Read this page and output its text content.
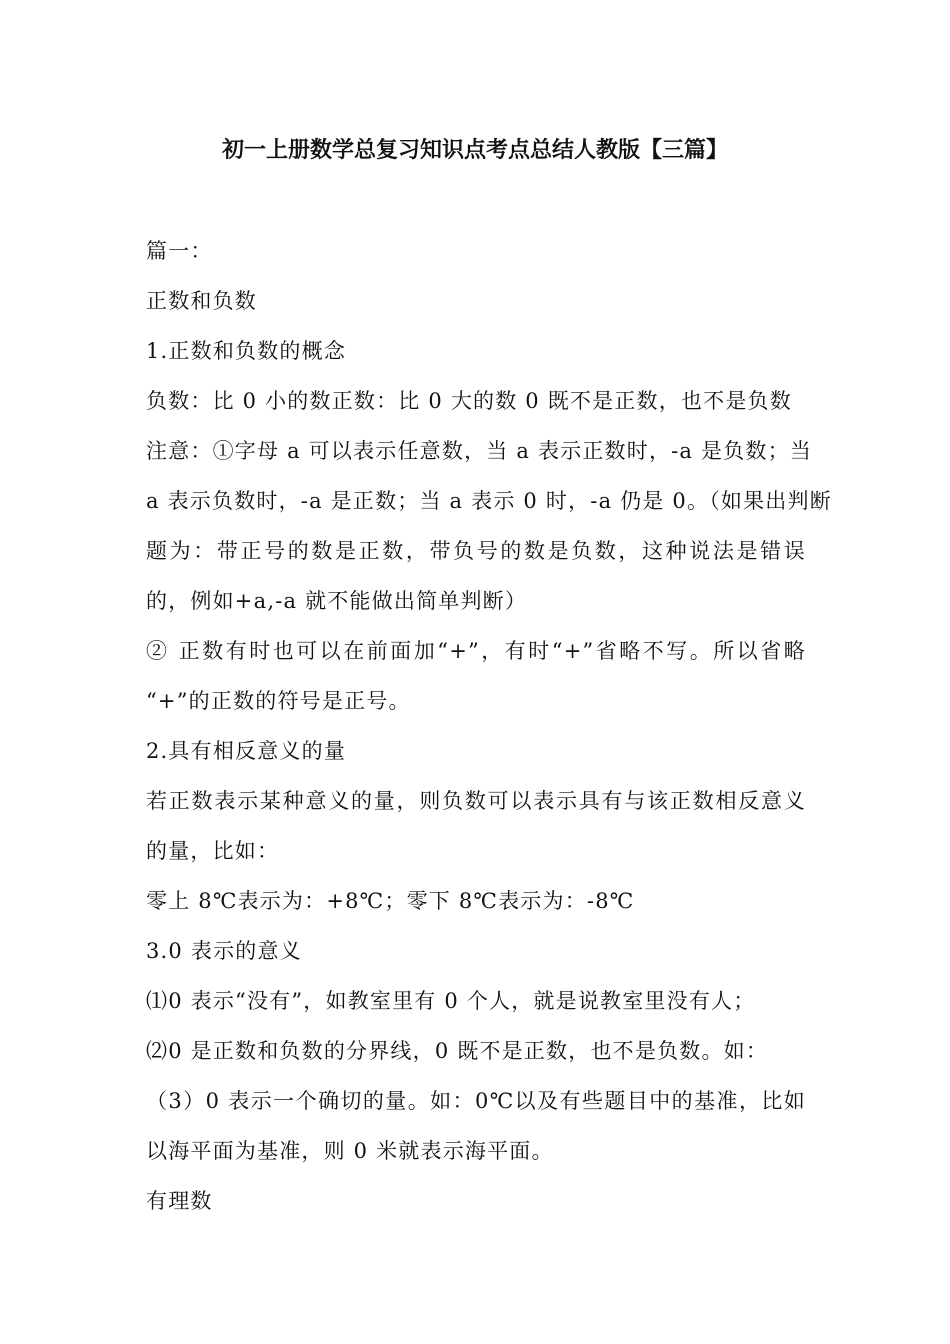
初一上册数学总复习知识点考点总结人教版【三篇】
篇一：
正数和负数
1.正数和负数的概念
负数：比 0 小的数正数：比 0 大的数 0 既不是正数，也不是负数
注意：①字母 a 可以表示任意数，当 a 表示正数时，-a 是负数；当
a 表示负数时，-a 是正数；当 a 表示 0 时，-a 仍是 0。（如果出判断
题为：带正号的数是正数，带负号的数是负数，这种说法是错误
的，例如+a,-a 就不能做出简单判断）
② 正数有时也可以在前面加“+”，有时“+”省略不写。所以省略
“+”的正数的符号是正号。
2.具有相反意义的量
若正数表示某种意义的量，则负数可以表示具有与该正数相反意义
的量，比如：
零上 8℃表示为：+8℃；零下 8℃表示为：-8℃
3.0 表示的意义
⑴0 表示“没有”，如教室里有 0 个人，就是说教室里没有人；
⑵0 是正数和负数的分界线，0 既不是正数，也不是负数。如：
（3）0 表示一个确切的量。如：0℃以及有些题目中的基准，比如
以海平面为基准，则 0 米就表示海平面。
有理数
